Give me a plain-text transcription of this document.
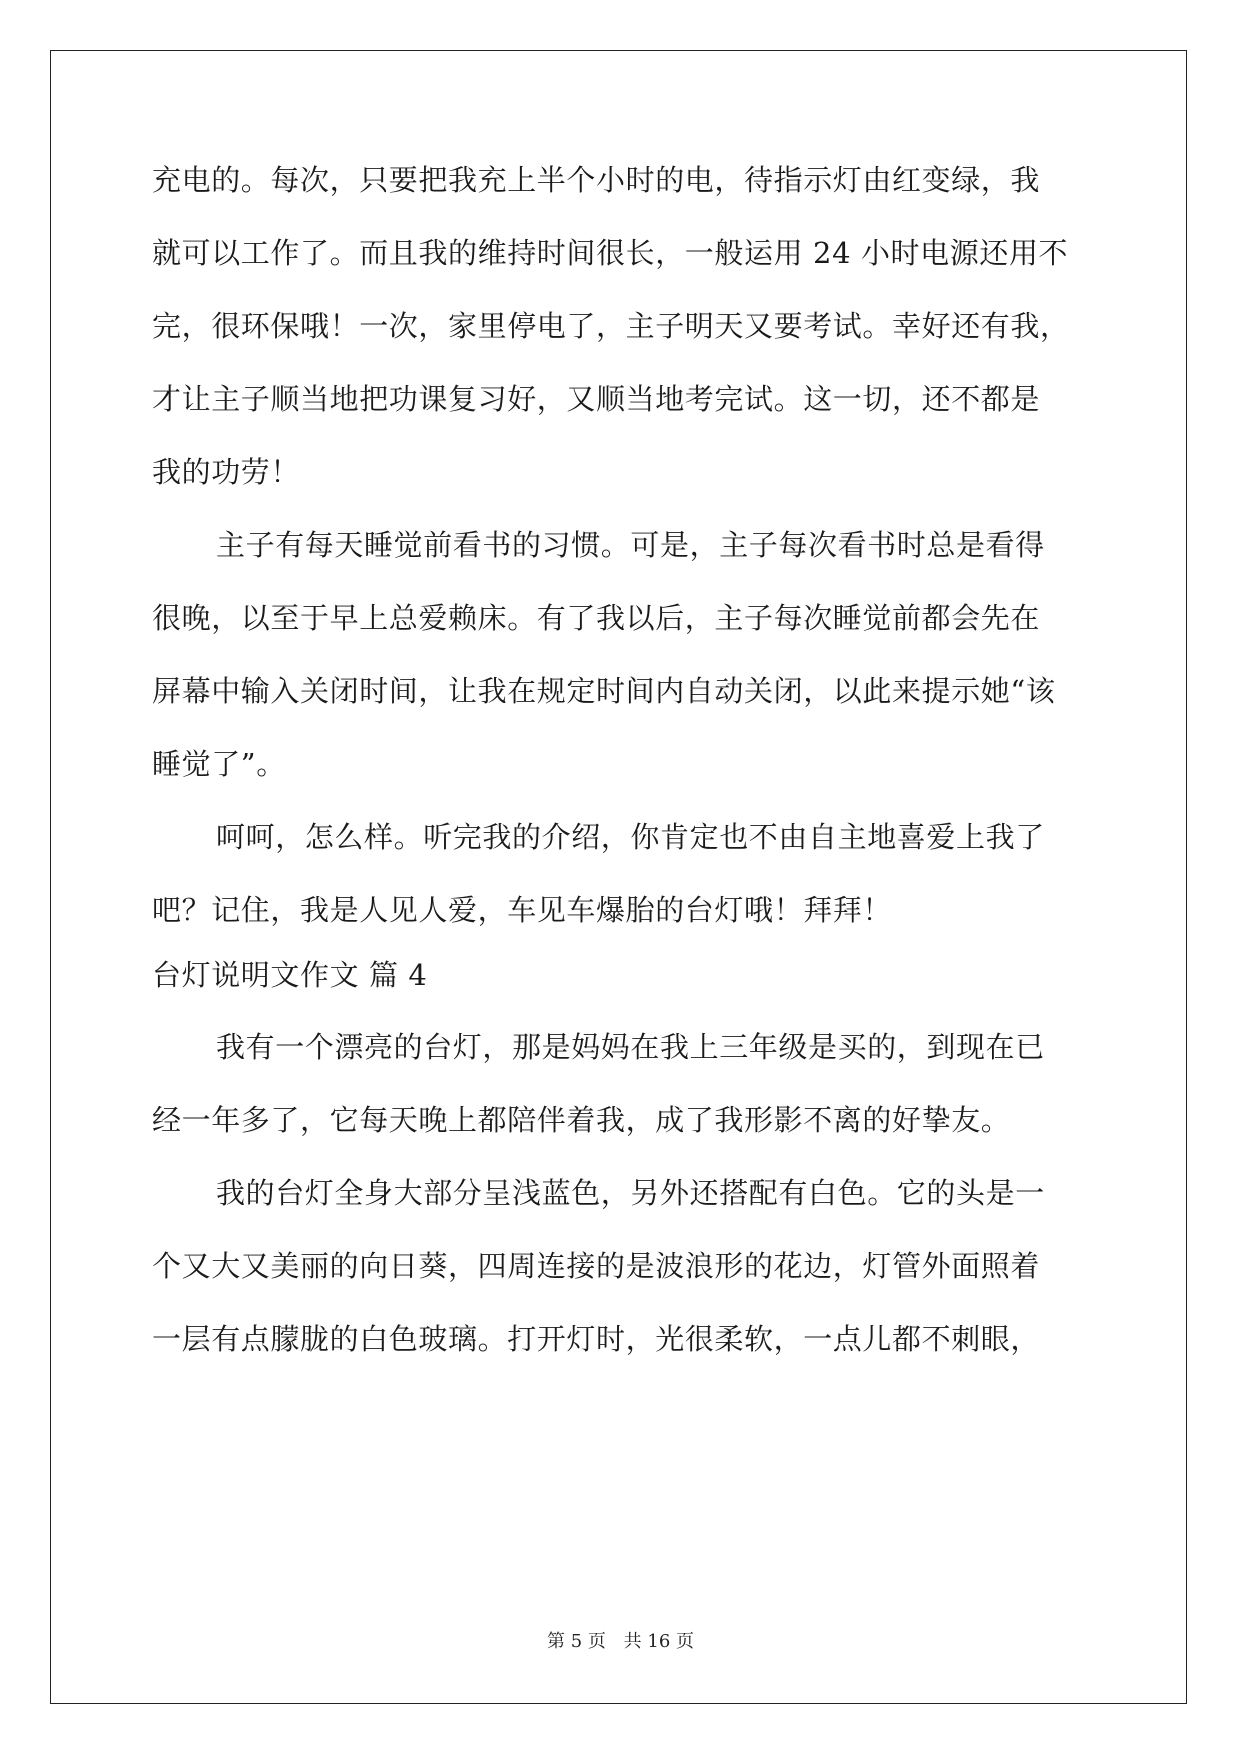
充电的。每次，只要把我充上半个小时的电，待指示灯由红变绿，我
就可以工作了。而且我的维持时间很长，一般运用 24 小时电源还用不
完，很环保哦！一次，家里停电了，主子明天又要考试。幸好还有我，
才让主子顺当地把功课复习好，又顺当地考完试。这一切，还不都是
我的功劳！
主子有每天睡觉前看书的习惯。可是，主子每次看书时总是看得
很晚，以至于早上总爱赖床。有了我以后，主子每次睡觉前都会先在
屏幕中输入关闭时间，让我在规定时间内自动关闭，以此来提示她“该
睡觉了”。
呵呵，怎么样。听完我的介绍，你肯定也不由自主地喜爱上我了
吧？记住，我是人见人爱，车见车爆胎的台灯哦！拜拜！
台灯说明文作文 篇 4
我有一个漂亮的台灯，那是妈妈在我上三年级是买的，到现在已
经一年多了，它每天晚上都陪伴着我，成了我形影不离的好挚友。
我的台灯全身大部分呈浅蓝色，另外还搭配有白色。它的头是一
个又大又美丽的向日葵，四周连接的是波浪形的花边，灯管外面照着
一层有点朦胧的白色玻璃。打开灯时，光很柔软，一点儿都不刺眼，
第 5 页 共 16 页
